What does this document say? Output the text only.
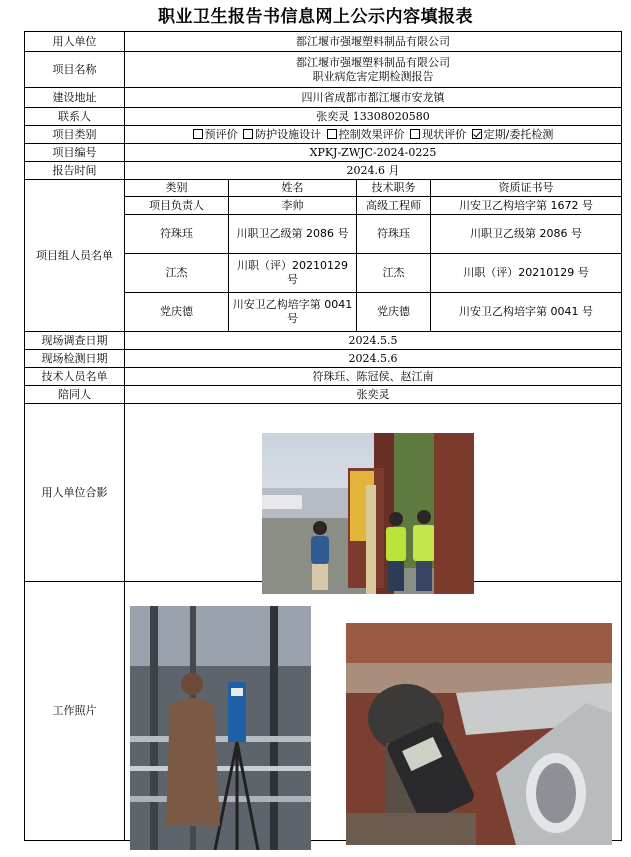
职业卫生报告书信息网上公示内容填报表
用人单位	都江堰市强堰塑料制品有限公司			
项目名称	都江堰市强堰塑料制品有限公司
职业病危害定期检测报告			

建设地址	四川省成都市都江堰市安龙镇			
联系人	张奕灵 13308020580			
项目类别	预评价 防护设施设计 控制效果评价 现状评价 定期/委托检测			
项目编号	XPKJ-ZWJC-2024-0225			
报告时间	2024.6 月			
项目组人员名单	类别	姓名	技术职务	资质证书号
	项目负责人	李帅	高级工程师	川安卫乙构培字第 1672 号
	符珠珏	川职卫乙级第 2086 号	符珠珏	川职卫乙级第 2086 号
	江杰	川职（评）20210129 号	江杰	川职（评）20210129 号
	党庆德	川安卫乙构培字第 0041 号	党庆德	川安卫乙构培字第 0041 号
现场调查日期	2024.5.5			
现场检测日期	2024.5.6			
技术人员名单	符珠珏、陈冠侯、赵江南			
陪同人	张奕灵			
用人单位合影				
工作照片				
